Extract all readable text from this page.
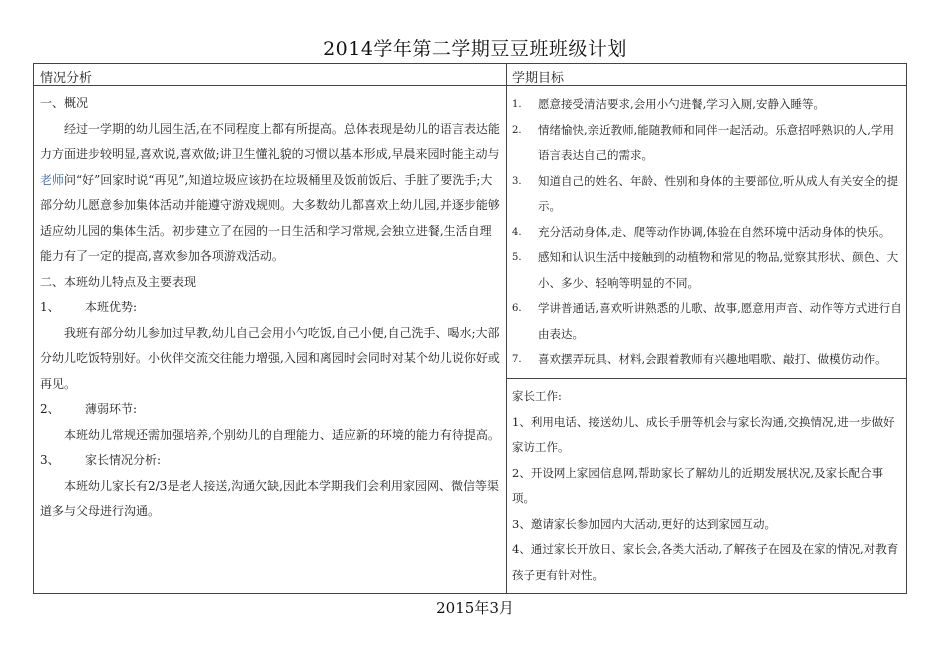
2014学年第二学期豆豆班班级计划
情况分析	学期目标

一、概况

经过一学期的幼儿园生活,在不同程度上都有所提高。总体表现是幼儿的语言表达能力方面进步较明显,喜欢说,喜欢做;讲卫生懂礼貌的习惯以基本形成,早晨来园时能主动与老师问“好”回家时说“再见”,知道垃圾应该扔在垃圾桶里及饭前饭后、手脏了要洗手;大部分幼儿愿意参加集体活动并能遵守游戏规则。大多数幼儿都喜欢上幼儿园,并逐步能够适应幼儿园的集体生活。初步建立了在园的一日生活和学习常规,会独立进餐,生活自理能力有了一定的提高,喜欢参加各项游戏活动。

二、本班幼儿特点及主要表现

1、 本班优势:

我班有部分幼儿参加过早教,幼儿自己会用小勺吃饭,自己小便,自己洗手、喝水;大部分幼儿吃饭特别好。小伙伴交流交往能力增强,入园和离园时会同时对某个幼儿说你好或再见。

2、 薄弱环节:

本班幼儿常规还需加强培养,个别幼儿的自理能力、适应新的环境的能力有待提高。

3、 家长情况分析:

本班幼儿家长有2/3是老人接送,沟通欠缺,因此本学期我们会利用家园网、微信等渠道多与父母进行沟通。

1. 愿意接受清洁要求,会用小勺进餐,学习入厕,安静入睡等。
2. 情绪愉快,亲近教师,能随教师和同伴一起活动。乐意招呼熟识的人,学用语言表达自己的需求。
3. 知道自己的姓名、年龄、性别和身体的主要部位,听从成人有关安全的提示。
4. 充分活动身体,走、爬等动作协调,体验在自然环境中活动身体的快乐。
5. 感知和认识生活中接触到的动植物和常见的物品,觉察其形状、颜色、大小、多少、轻响等明显的不同。
6. 学讲普通话,喜欢听讲熟悉的儿歌、故事,愿意用声音、动作等方式进行自由表达。
7. 喜欢摆弄玩具、材料,会跟着教师有兴趣地唱歌、敲打、做模仿动作。

家长工作:

1、利用电话、接送幼儿、成长手册等机会与家长沟通,交换情况,进一步做好家访工作。

2、开设网上家园信息网,帮助家长了解幼儿的近期发展状况,及家长配合事项。

3、邀请家长参加园内大活动,更好的达到家园互动。

4、通过家长开放日、家长会,各类大活动,了解孩子在园及在家的情况,对教育孩子更有针对性。

2015年3月
